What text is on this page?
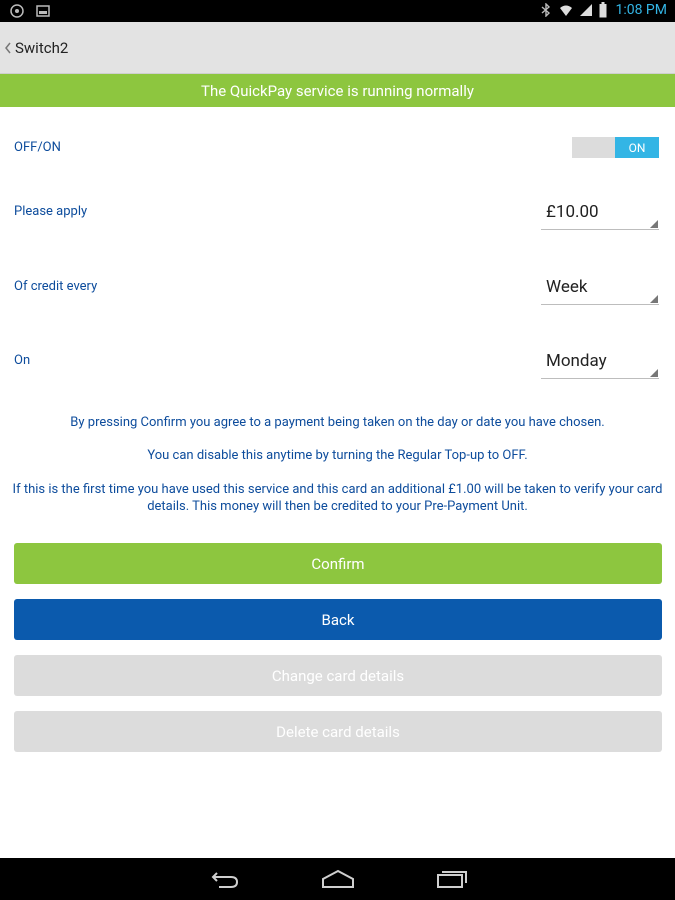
1:08 PM
Switch2
The QuickPay service is running normally
OFF/ON	ON
Please apply	£10.00
Of credit every	Week
On	Monday

By pressing Confirm you agree to a payment being taken on the day or date you have chosen.

You can disable this anytime by turning the Regular Top-up to OFF.

If this is the first time you have used this service and this card an additional £1.00 will be taken to verify your card details. This money will then be credited to your Pre-Payment Unit.

Confirm
Back
Change card details
Delete card details
